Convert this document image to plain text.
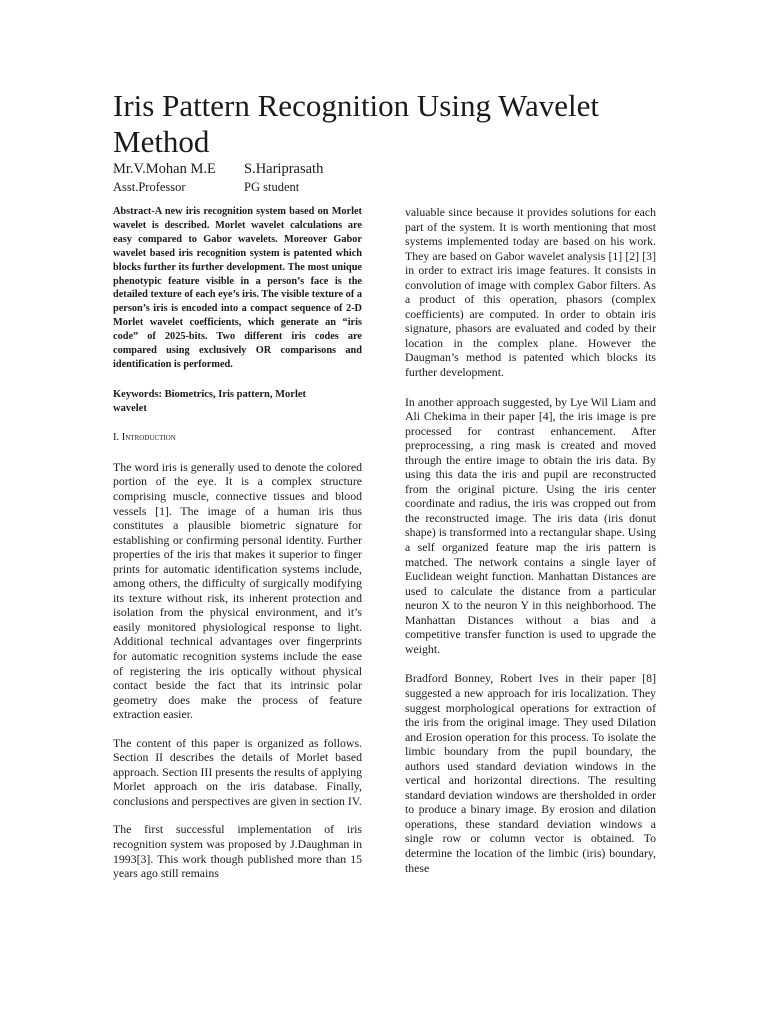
Iris Pattern Recognition Using Wavelet Method
Mr.V.Mohan M.E
Asst.Professor
S.Hariprasath
PG student

Abstract-A new iris recognition system based on Morlet wavelet is described. Morlet wavelet calculations are easy compared to Gabor wavelets. Moreover Gabor wavelet based iris recognition system is patented which blocks further its further development. The most unique phenotypic feature visible in a person’s face is the detailed texture of each eye’s iris. The visible texture of a person’s iris is encoded into a compact sequence of 2-D Morlet wavelet coefficients, which generate an “iris code” of 2025-bits. Two different iris codes are compared using exclusively OR comparisons and identification is performed.

Keywords: Biometrics, Iris pattern, Morlet wavelet

I. Introduction

The word iris is generally used to denote the colored portion of the eye. It is a complex structure comprising muscle, connective tissues and blood vessels [1]. The image of a human iris thus constitutes a plausible biometric signature for establishing or confirming personal identity. Further properties of the iris that makes it superior to finger prints for automatic identification systems include, among others, the difficulty of surgically modifying its texture without risk, its inherent protection and isolation from the physical environment, and it’s easily monitored physiological response to light. Additional technical advantages over fingerprints for automatic recognition systems include the ease of registering the iris optically without physical contact beside the fact that its intrinsic polar geometry does make the process of feature extraction easier.

The content of this paper is organized as follows. Section II describes the details of Morlet based approach. Section III presents the results of applying Morlet approach on the iris database. Finally, conclusions and perspectives are given in section IV.

The first successful implementation of iris recognition system was proposed by J.Daughman in 1993[3]. This work though published more than 15 years ago still remains

valuable since because it provides solutions for each part of the system. It is worth mentioning that most systems implemented today are based on his work. They are based on Gabor wavelet analysis [1] [2] [3] in order to extract iris image features. It consists in convolution of image with complex Gabor filters. As a product of this operation, phasors (complex coefficients) are computed. In order to obtain iris signature, phasors are evaluated and coded by their location in the complex plane. However the Daugman’s method is patented which blocks its further development.

In another approach suggested, by Lye Wil Liam and Ali Chekima in their paper [4], the iris image is pre processed for contrast enhancement. After preprocessing, a ring mask is created and moved through the entire image to obtain the iris data. By using this data the iris and pupil are reconstructed from the original picture. Using the iris center coordinate and radius, the iris was cropped out from the reconstructed image. The iris data (iris donut shape) is transformed into a rectangular shape. Using a self organized feature map the iris pattern is matched. The network contains a single layer of Euclidean weight function. Manhattan Distances are used to calculate the distance from a particular neuron X to the neuron Y in this neighborhood. The Manhattan Distances without a bias and a competitive transfer function is used to upgrade the weight.

Bradford Bonney, Robert Ives in their paper [8] suggested a new approach for iris localization. They suggest morphological operations for extraction of the iris from the original image. They used Dilation and Erosion operation for this process. To isolate the limbic boundary from the pupil boundary, the authors used standard deviation windows in the vertical and horizontal directions. The resulting standard deviation windows are thersholded in order to produce a binary image. By erosion and dilation operations, these standard deviation windows a single row or column vector is obtained. To determine the location of the limbic (iris) boundary, these
